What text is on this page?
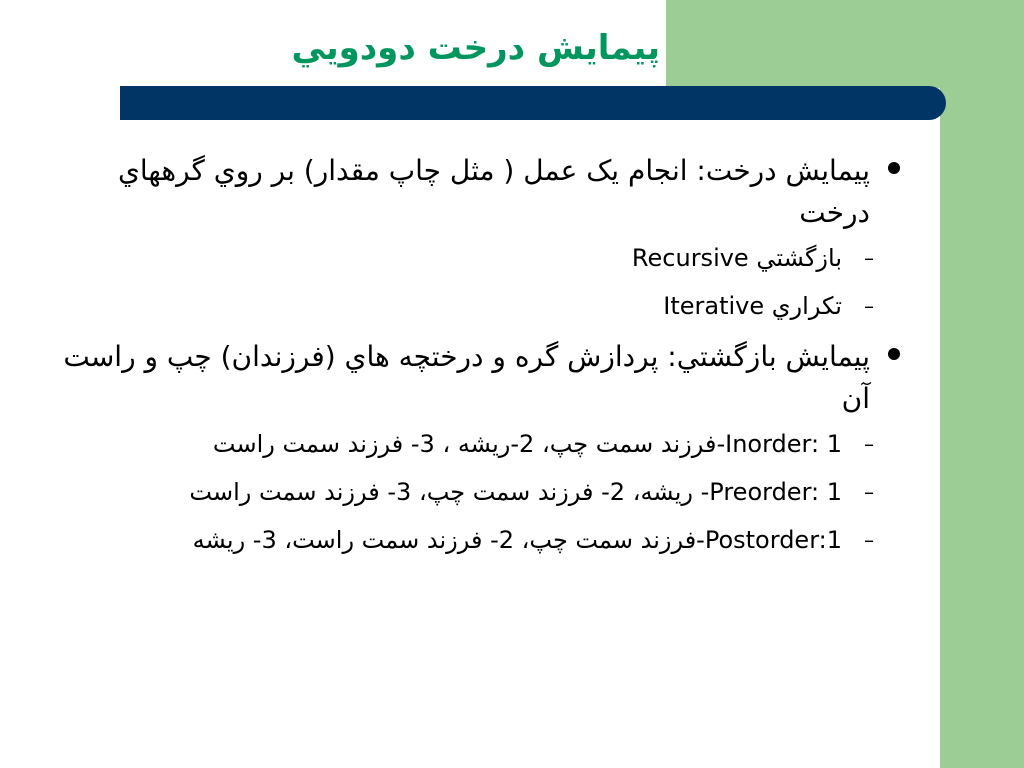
پيمايش درخت دودويي
پيمايش درخت: انجام يک عمل ( مثل چاپ مقدار) بر روي گرههاي درخت
–
بازگشتي Recursive
–
تکراري Iterative
پيمايش بازگشتي: پردازش گره و درختچه هاي (فرزندان) چپ و راست آن
–
Inorder: 1-فرزند سمت چپ، 2-ريشه ، 3- فرزند سمت راست
–
Preorder: 1- ريشه، 2- فرزند سمت چپ، 3- فرزند سمت راست
–
Postorder:1-فرزند سمت چپ، 2- فرزند سمت راست، 3- ريشه
